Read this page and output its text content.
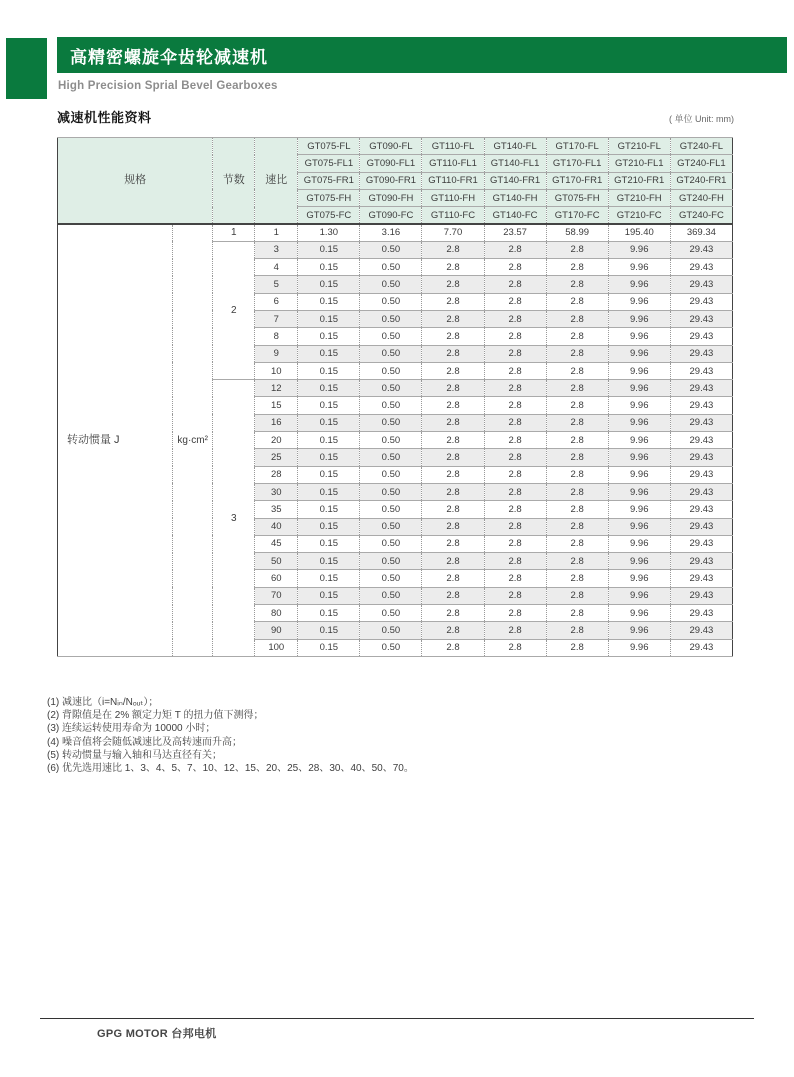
高精密螺旋伞齿轮减速机
High Precision Sprial Bevel Gearboxes
减速机性能资料	( 单位 Unit: mm)
规格		节数	速比	GT075-FL	GT090-FL	GT110-FL	GT140-FL	GT170-FL	GT210-FL	GT240-FL
				GT075-FL1	GT090-FL1	GT110-FL1	GT140-FL1	GT170-FL1	GT210-FL1	GT240-FL1
				GT075-FR1	GT090-FR1	GT110-FR1	GT140-FR1	GT170-FR1	GT210-FR1	GT240-FR1
				GT075-FH	GT090-FH	GT110-FH	GT140-FH	GT075-FH	GT210-FH	GT240-FH
				GT075-FC	GT090-FC	GT110-FC	GT140-FC	GT170-FC	GT210-FC	GT240-FC
转动惯量 J	kg·cm²	1	1	1.30	3.16	7.70	23.57	58.99	195.40	369.34
		2	3	0.15	0.50	2.8	2.8	2.8	9.96	29.43
			4	0.15	0.50	2.8	2.8	2.8	9.96	29.43
			5	0.15	0.50	2.8	2.8	2.8	9.96	29.43
			6	0.15	0.50	2.8	2.8	2.8	9.96	29.43
			7	0.15	0.50	2.8	2.8	2.8	9.96	29.43
			8	0.15	0.50	2.8	2.8	2.8	9.96	29.43
			9	0.15	0.50	2.8	2.8	2.8	9.96	29.43
			10	0.15	0.50	2.8	2.8	2.8	9.96	29.43
		3	12	0.15	0.50	2.8	2.8	2.8	9.96	29.43
			15	0.15	0.50	2.8	2.8	2.8	9.96	29.43
			16	0.15	0.50	2.8	2.8	2.8	9.96	29.43
			20	0.15	0.50	2.8	2.8	2.8	9.96	29.43
			25	0.15	0.50	2.8	2.8	2.8	9.96	29.43
			28	0.15	0.50	2.8	2.8	2.8	9.96	29.43
			30	0.15	0.50	2.8	2.8	2.8	9.96	29.43
			35	0.15	0.50	2.8	2.8	2.8	9.96	29.43
			40	0.15	0.50	2.8	2.8	2.8	9.96	29.43
			45	0.15	0.50	2.8	2.8	2.8	9.96	29.43
			50	0.15	0.50	2.8	2.8	2.8	9.96	29.43
			60	0.15	0.50	2.8	2.8	2.8	9.96	29.43
			70	0.15	0.50	2.8	2.8	2.8	9.96	29.43
			80	0.15	0.50	2.8	2.8	2.8	9.96	29.43
			90	0.15	0.50	2.8	2.8	2.8	9.96	29.43
			100	0.15	0.50	2.8	2.8	2.8	9.96	29.43
(1) 减速比（i=Nᵢₙ/Nₒᵤₜ）；
(2) 背隙值是在 2% 额定力矩 T 的扭力值下测得；
(3) 连续运转使用寿命为 10000 小时；
(4) 噪音值将会随低减速比及高转速而升高；
(5) 转动惯量与输入轴和马达直径有关；
(6) 优先选用速比 1、3、4、5、7、10、12、15、20、25、28、30、40、50、70。
GPG MOTOR 台邦电机
